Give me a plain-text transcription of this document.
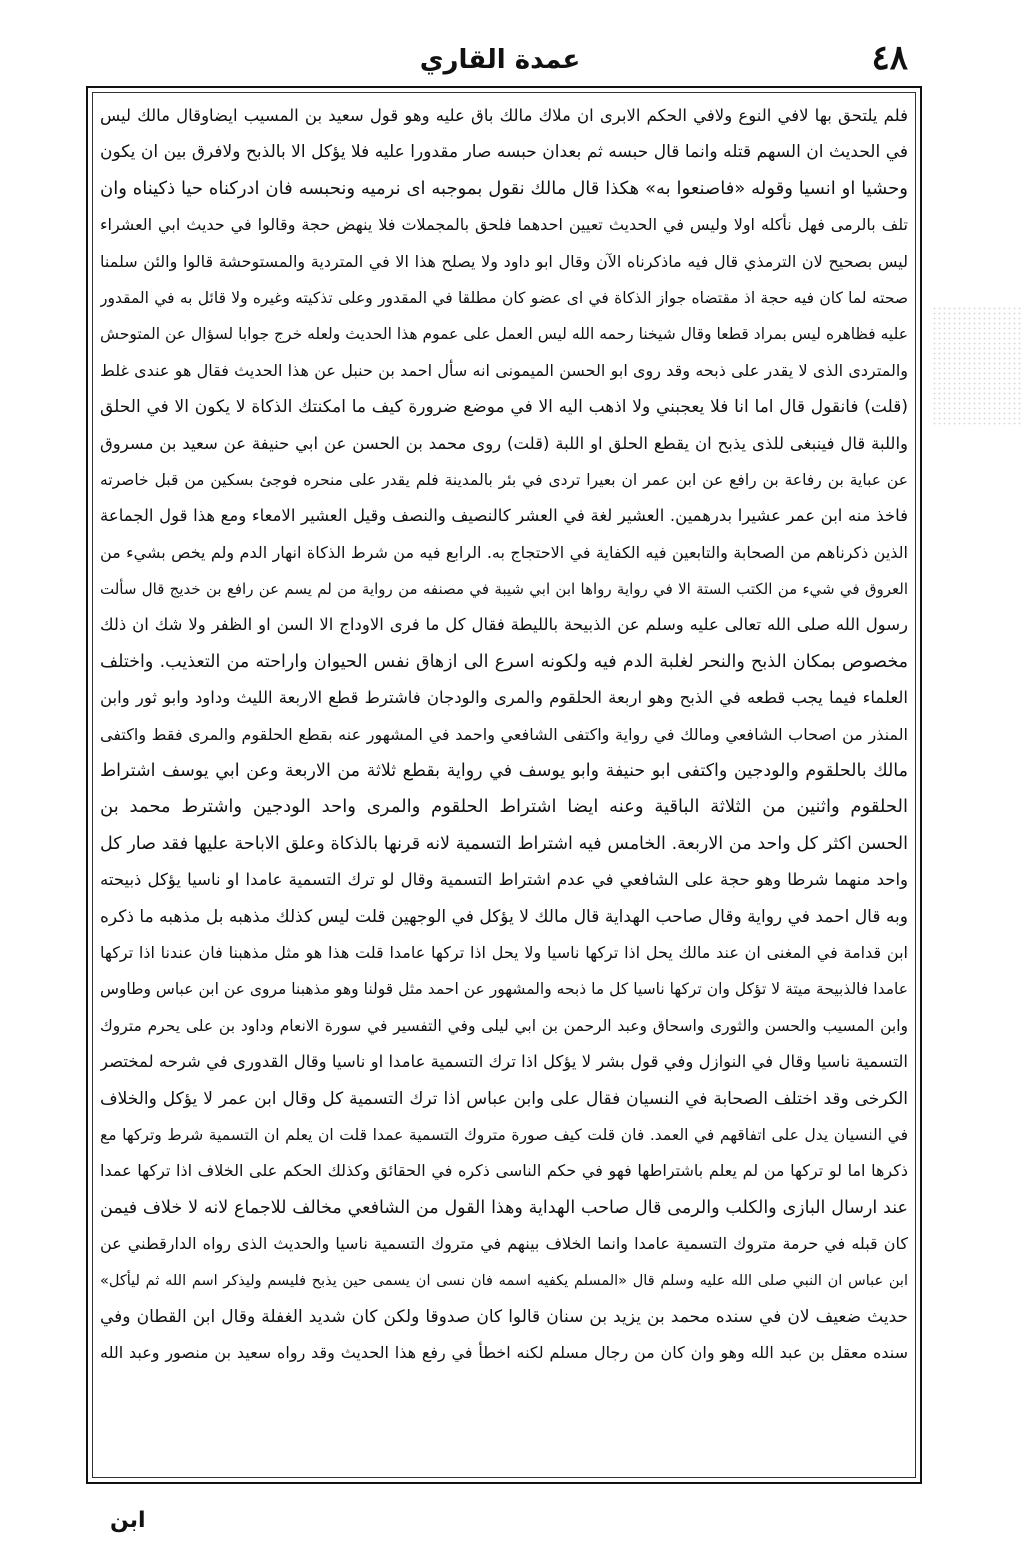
٤٨
عمدة القاري
فلم يلتحق بها لافي النوع ولافي الحكم الابرى ان ملاك مالك باق عليه وهو قول سعيد بن المسيب ايضاوقال مالك ليس
في الحديث ان السهم قتله وانما قال حبسه ثم بعدان حبسه صار مقدورا عليه فلا يؤكل الا بالذبح ولافرق بين ان يكون
وحشيا او انسيا وقوله «فاصنعوا به» هكذا قال مالك نقول بموجبه اى نرميه ونحبسه فان ادركناه حيا ذكيناه وان
تلف بالرمى فهل نأكله اولا وليس في الحديث تعيين احدهما فلحق بالمجملات فلا ينهض حجة وقالوا في حديث ابي العشراء
ليس بصحيح لان الترمذي قال فيه ماذكرناه الآن وقال ابو داود ولا يصلح هذا الا في المتردية والمستوحشة قالوا والئن سلمنا
صحته لما كان فيه حجة اذ مقتضاه جواز الذكاة في اى عضو كان مطلقا في المقدور وعلى تذكيته وغيره ولا قائل به في المقدور
عليه فظاهره ليس بمراد قطعا وقال شيخنا رحمه الله ليس العمل على عموم هذا الحديث ولعله خرج جوابا لسؤال عن المتوحش
والمتردى الذى لا يقدر على ذبحه وقد روى ابو الحسن الميمونى انه سأل احمد بن حنبل عن هذا الحديث فقال هو عندى غلط
(قلت) فانقول قال اما انا فلا يعجبني ولا اذهب اليه الا في موضع ضرورة كيف ما امكنتك الذكاة لا يكون الا في الحلق
واللبة قال فينبغى للذى يذبح ان يقطع الحلق او اللبة (قلت) روى محمد بن الحسن عن ابي حنيفة عن سعيد بن مسروق
عن عباية بن رفاعة بن رافع عن ابن عمر ان بعيرا تردى في بئر بالمدينة فلم يقدر على منحره فوجئ بسكين من قبل خاصرته
فاخذ منه ابن عمر عشيرا بدرهمين. العشير لغة في العشر كالنصيف والنصف وقيل العشير الامعاء ومع هذا قول الجماعة
الذين ذكرناهم من الصحابة والتابعين فيه الكفاية في الاحتجاج به. الرابع فيه من شرط الذكاة انهار الدم ولم يخص بشيء من
العروق في شيء من الكتب الستة الا في رواية رواها ابن ابي شيبة في مصنفه من رواية من لم يسم عن رافع بن خديج قال سألت
رسول الله صلى الله تعالى عليه وسلم عن الذبيحة بالليطة فقال كل ما فرى الاوداج الا السن او الظفر ولا شك ان ذلك
مخصوص بمكان الذبح والنحر لغلبة الدم فيه ولكونه اسرع الى ازهاق نفس الحيوان واراحته من التعذيب. واختلف
العلماء فيما يجب قطعه في الذبح وهو اربعة الحلقوم والمرى والودجان فاشترط قطع الاربعة الليث وداود وابو ثور وابن
المنذر من اصحاب الشافعي ومالك في رواية واكتفى الشافعي واحمد في المشهور عنه بقطع الحلقوم والمرى فقط واكتفى
مالك بالحلقوم والودجين واكتفى ابو حنيفة وابو يوسف في رواية بقطع ثلاثة من الاربعة وعن ابي يوسف اشتراط
الحلقوم واثنين من الثلاثة الباقية وعنه ايضا اشتراط الحلقوم والمرى واحد الودجين واشترط محمد بن
الحسن اكثر كل واحد من الاربعة. الخامس فيه اشتراط التسمية لانه قرنها بالذكاة وعلق الاباحة عليها فقد صار كل
واحد منهما شرطا وهو حجة على الشافعي في عدم اشتراط التسمية وقال لو ترك التسمية عامدا او ناسيا يؤكل ذبيحته
وبه قال احمد في رواية وقال صاحب الهداية قال مالك لا يؤكل في الوجهين قلت ليس كذلك مذهبه بل مذهبه ما ذكره
ابن قدامة في المغنى ان عند مالك يحل اذا تركها ناسيا ولا يحل اذا تركها عامدا قلت هذا هو مثل مذهبنا فان عندنا اذا تركها
عامدا فالذبيحة ميتة لا تؤكل وان تركها ناسيا كل ما ذبحه والمشهور عن احمد مثل قولنا وهو مذهبنا مروى عن ابن عباس وطاوس
وابن المسيب والحسن والثورى واسحاق وعبد الرحمن بن ابي ليلى وفي التفسير في سورة الانعام وداود بن على يحرم متروك
التسمية ناسيا وقال في النوازل وفي قول بشر لا يؤكل اذا ترك التسمية عامدا او ناسيا وقال القدورى في شرحه لمختصر
الكرخى وقد اختلف الصحابة في النسيان فقال على وابن عباس اذا ترك التسمية كل وقال ابن عمر لا يؤكل والخلاف
في النسيان يدل على اتفاقهم في العمد. فان قلت كيف صورة متروك التسمية عمدا قلت ان يعلم ان التسمية شرط وتركها مع
ذكرها اما لو تركها من لم يعلم باشتراطها فهو في حكم الناسى ذكره في الحقائق وكذلك الحكم على الخلاف اذا تركها عمدا
عند ارسال البازى والكلب والرمى قال صاحب الهداية وهذا القول من الشافعي مخالف للاجماع لانه لا خلاف فيمن
كان قبله في حرمة متروك التسمية عامدا وانما الخلاف بينهم في متروك التسمية ناسيا والحديث الذى رواه الدارقطني عن
ابن عباس ان النبي صلى الله عليه وسلم قال «المسلم يكفيه اسمه فان نسى ان يسمى حين يذبح فليسم وليذكر اسم الله ثم ليأكل»
حديث ضعيف لان في سنده محمد بن يزيد بن سنان قالوا كان صدوقا ولكن كان شديد الغفلة وقال ابن القطان وفي
سنده معقل بن عبد الله وهو وان كان من رجال مسلم لكنه اخطأ في رفع هذا الحديث وقد رواه سعيد بن منصور وعبد الله
ابن
